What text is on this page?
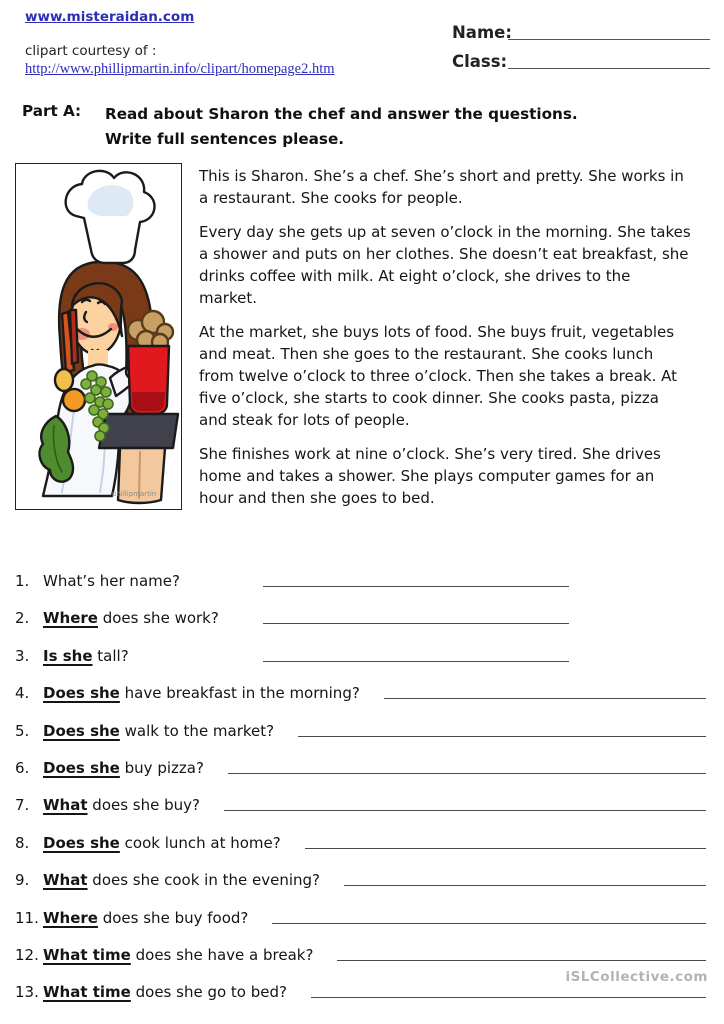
www.misteraidan.com
clipart courtesy of :
http://www.phillipmartin.info/clipart/homepage2.htm
Name:
Class:
Part A:	Read about Sharon the chef and answer the questions.
Write full sentences please.
phillipmartin

This is Sharon. She’s a chef. She’s short and pretty. She works in a restaurant. She cooks for people.

Every day she gets up at seven o’clock in the morning. She takes a shower and puts on her clothes. She doesn’t eat breakfast, she drinks coffee with milk. At eight o’clock, she drives to the market.

At the market, she buys lots of food. She buys fruit, vegetables and meat. Then she goes to the restaurant. She cooks lunch from twelve o’clock to three o’clock. Then she takes a break. At five o’clock, she starts to cook dinner. She cooks pasta, pizza and steak for lots of people.

She finishes work at nine o’clock. She’s very tired. She drives home and takes a shower. She plays computer games for an hour and then she goes to bed.

1. What’s her name?
2. Where does she work?
3. Is she tall?
4. Does she have breakfast in the morning?
5. Does she walk to the market?
6. Does she buy pizza?
7. What does she buy?
8. Does she cook lunch at home?
9. What does she cook in the evening?
11. Where does she buy food?
12. What time does she have a break?
13. What time does she go to bed?
iSLCollective.com
